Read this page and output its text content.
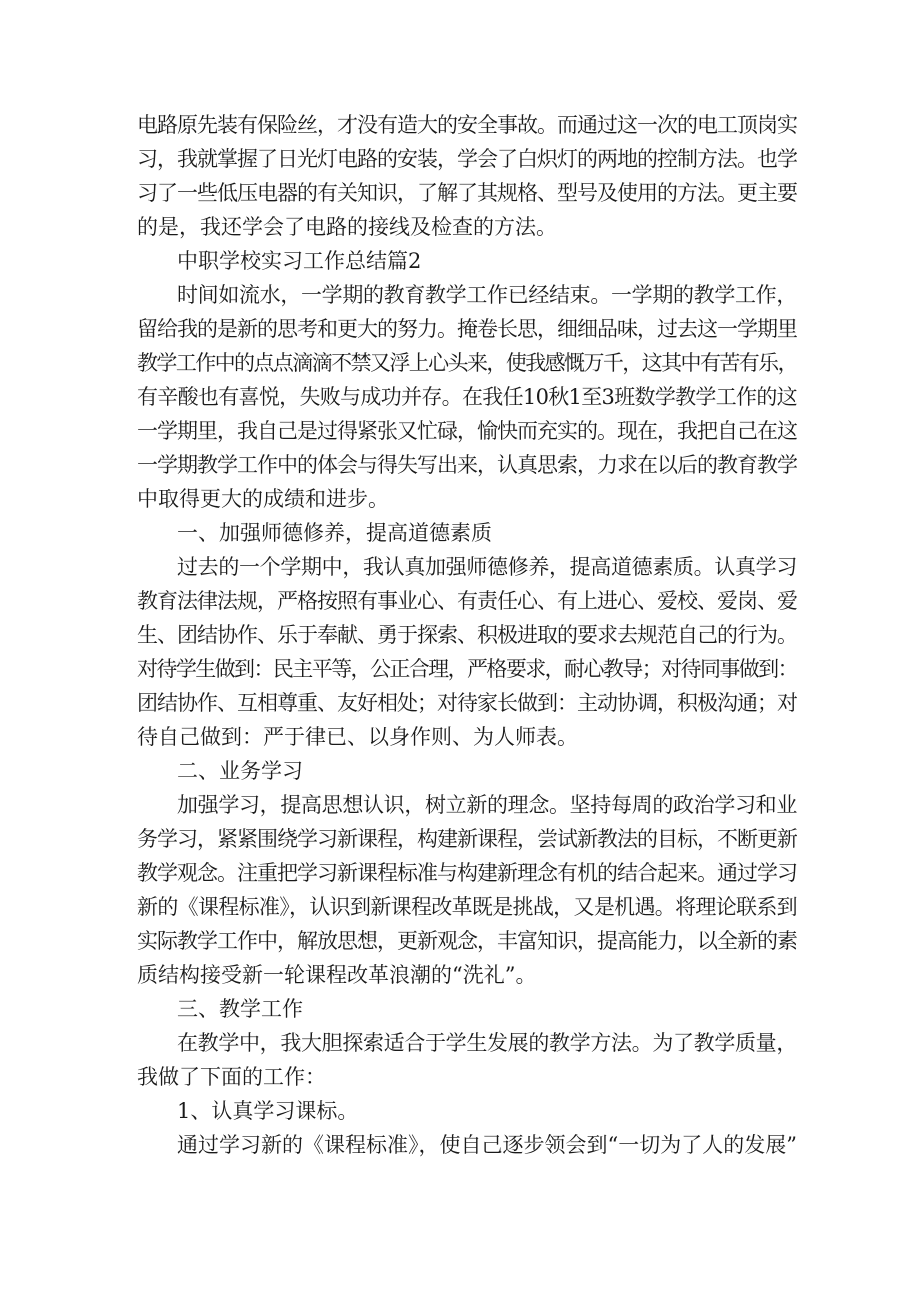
电路原先装有保险丝，才没有造大的安全事故。而通过这一次的电工顶岗实
习，我就掌握了日光灯电路的安装，学会了白炽灯的两地的控制方法。也学
习了一些低压电器的有关知识，了解了其规格、型号及使用的方法。更主要
的是，我还学会了电路的接线及检查的方法。
中职学校实习工作总结篇2
时间如流水，一学期的教育教学工作已经结束。一学期的教学工作，
留给我的是新的思考和更大的努力。掩卷长思，细细品味，过去这一学期里
教学工作中的点点滴滴不禁又浮上心头来，使我感慨万千，这其中有苦有乐，
有辛酸也有喜悦，失败与成功并存。在我任10秋1至3班数学教学工作的这
一学期里，我自己是过得紧张又忙碌，愉快而充实的。现在，我把自己在这
一学期教学工作中的体会与得失写出来，认真思索，力求在以后的教育教学
中取得更大的成绩和进步。
一、加强师德修养，提高道德素质
过去的一个学期中，我认真加强师德修养，提高道德素质。认真学习
教育法律法规，严格按照有事业心、有责任心、有上进心、爱校、爱岗、爱
生、团结协作、乐于奉献、勇于探索、积极进取的要求去规范自己的行为。
对待学生做到：民主平等，公正合理，严格要求，耐心教导；对待同事做到：
团结协作、互相尊重、友好相处；对待家长做到：主动协调，积极沟通；对
待自己做到：严于律已、以身作则、为人师表。
二、业务学习
加强学习，提高思想认识，树立新的理念。坚持每周的政治学习和业
务学习，紧紧围绕学习新课程，构建新课程，尝试新教法的目标，不断更新
教学观念。注重把学习新课程标准与构建新理念有机的结合起来。通过学习
新的《课程标准》，认识到新课程改革既是挑战，又是机遇。将理论联系到
实际教学工作中，解放思想，更新观念，丰富知识，提高能力，以全新的素
质结构接受新一轮课程改革浪潮的“洗礼”。
三、教学工作
在教学中，我大胆探索适合于学生发展的教学方法。为了教学质量，
我做了下面的工作：
1、认真学习课标。
通过学习新的《课程标准》，使自己逐步领会到“一切为了人的发展”
